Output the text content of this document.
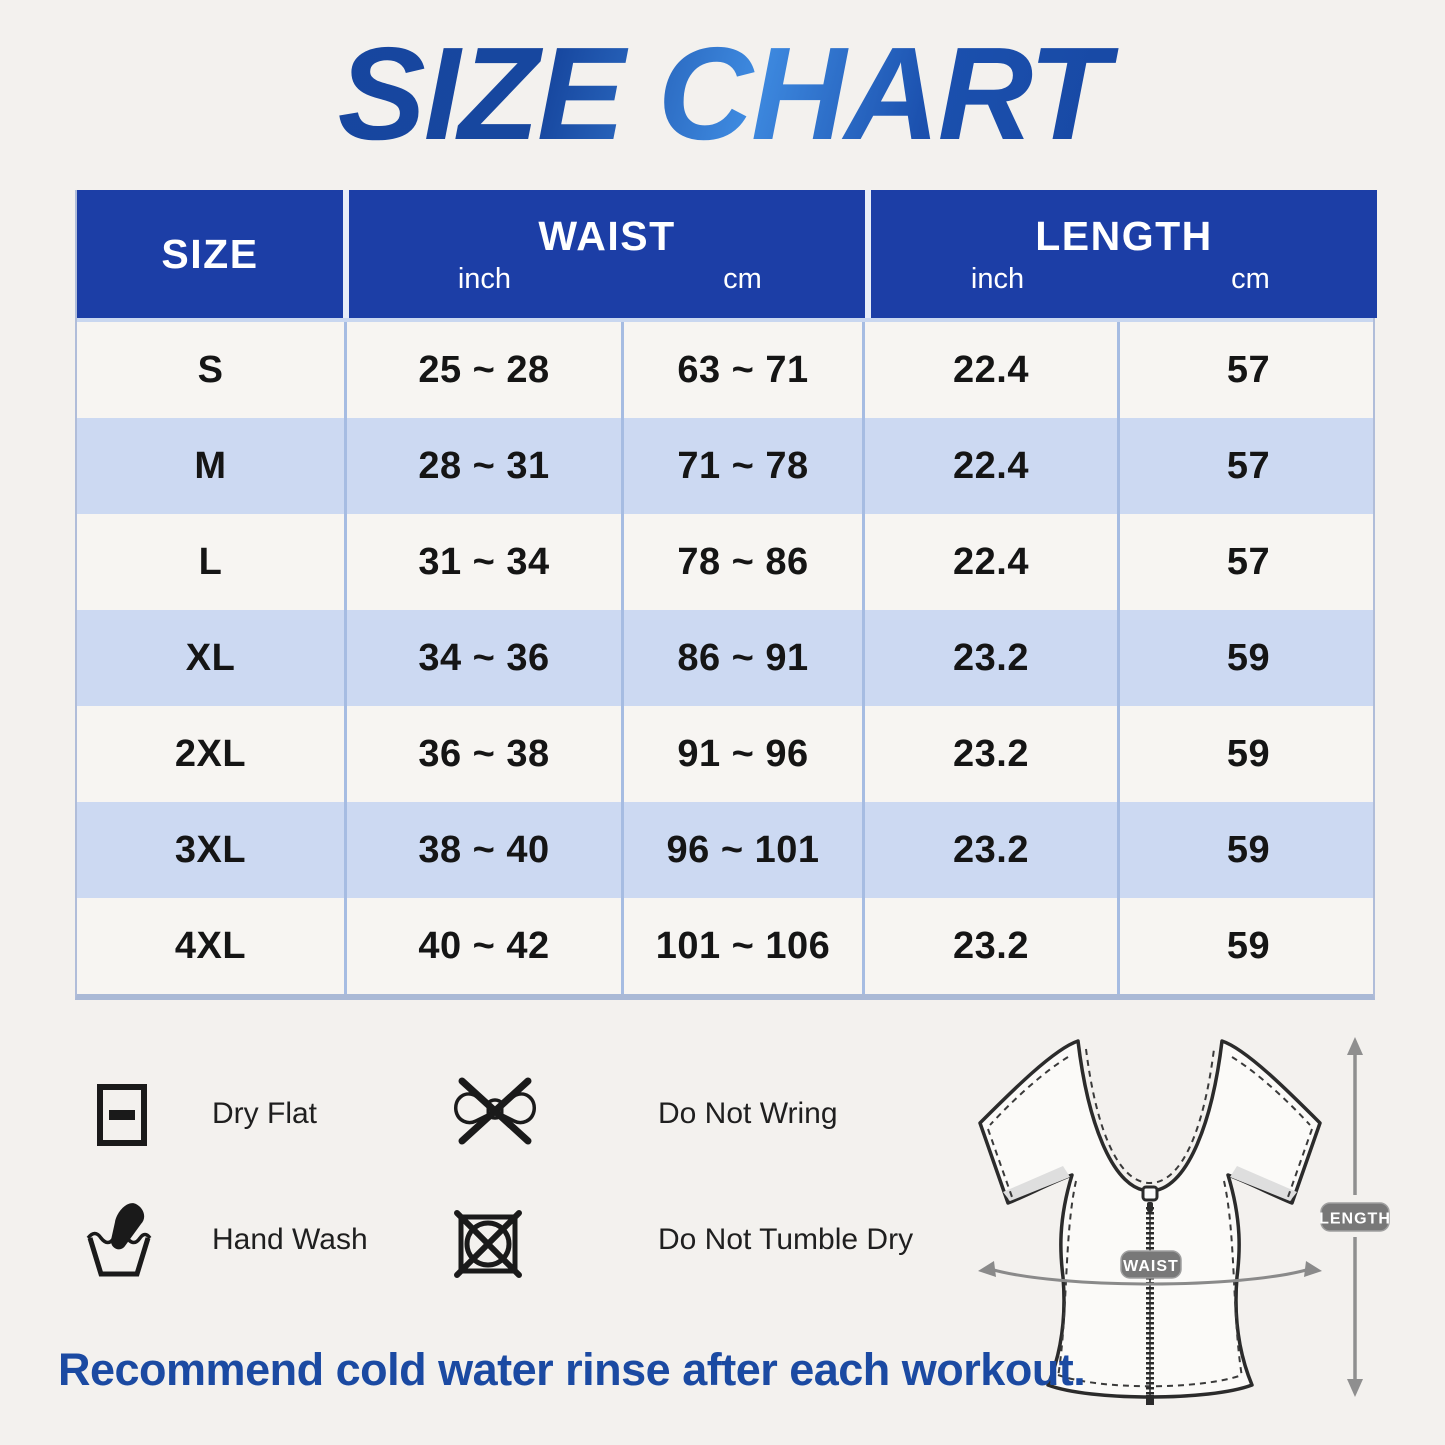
SIZE CHART
SIZE	WAIST
inch	cm
LENGTH
inch	cm
S	25 ~ 28	63 ~ 71	22.4	57
M	28 ~ 31	71 ~ 78	22.4	57
L	31 ~ 34	78 ~ 86	22.4	57
XL	34 ~ 36	86 ~ 91	23.2	59
2XL	36 ~ 38	91 ~ 96	23.2	59
3XL	38 ~ 40	96 ~ 101	23.2	59
4XL	40 ~ 42	101 ~ 106	23.2	59
Dry Flat	Do Not Wring
Hand Wash	Do Not Tumble Dry
WAIST
LENGTH
Recommend cold water rinse after each workout.
